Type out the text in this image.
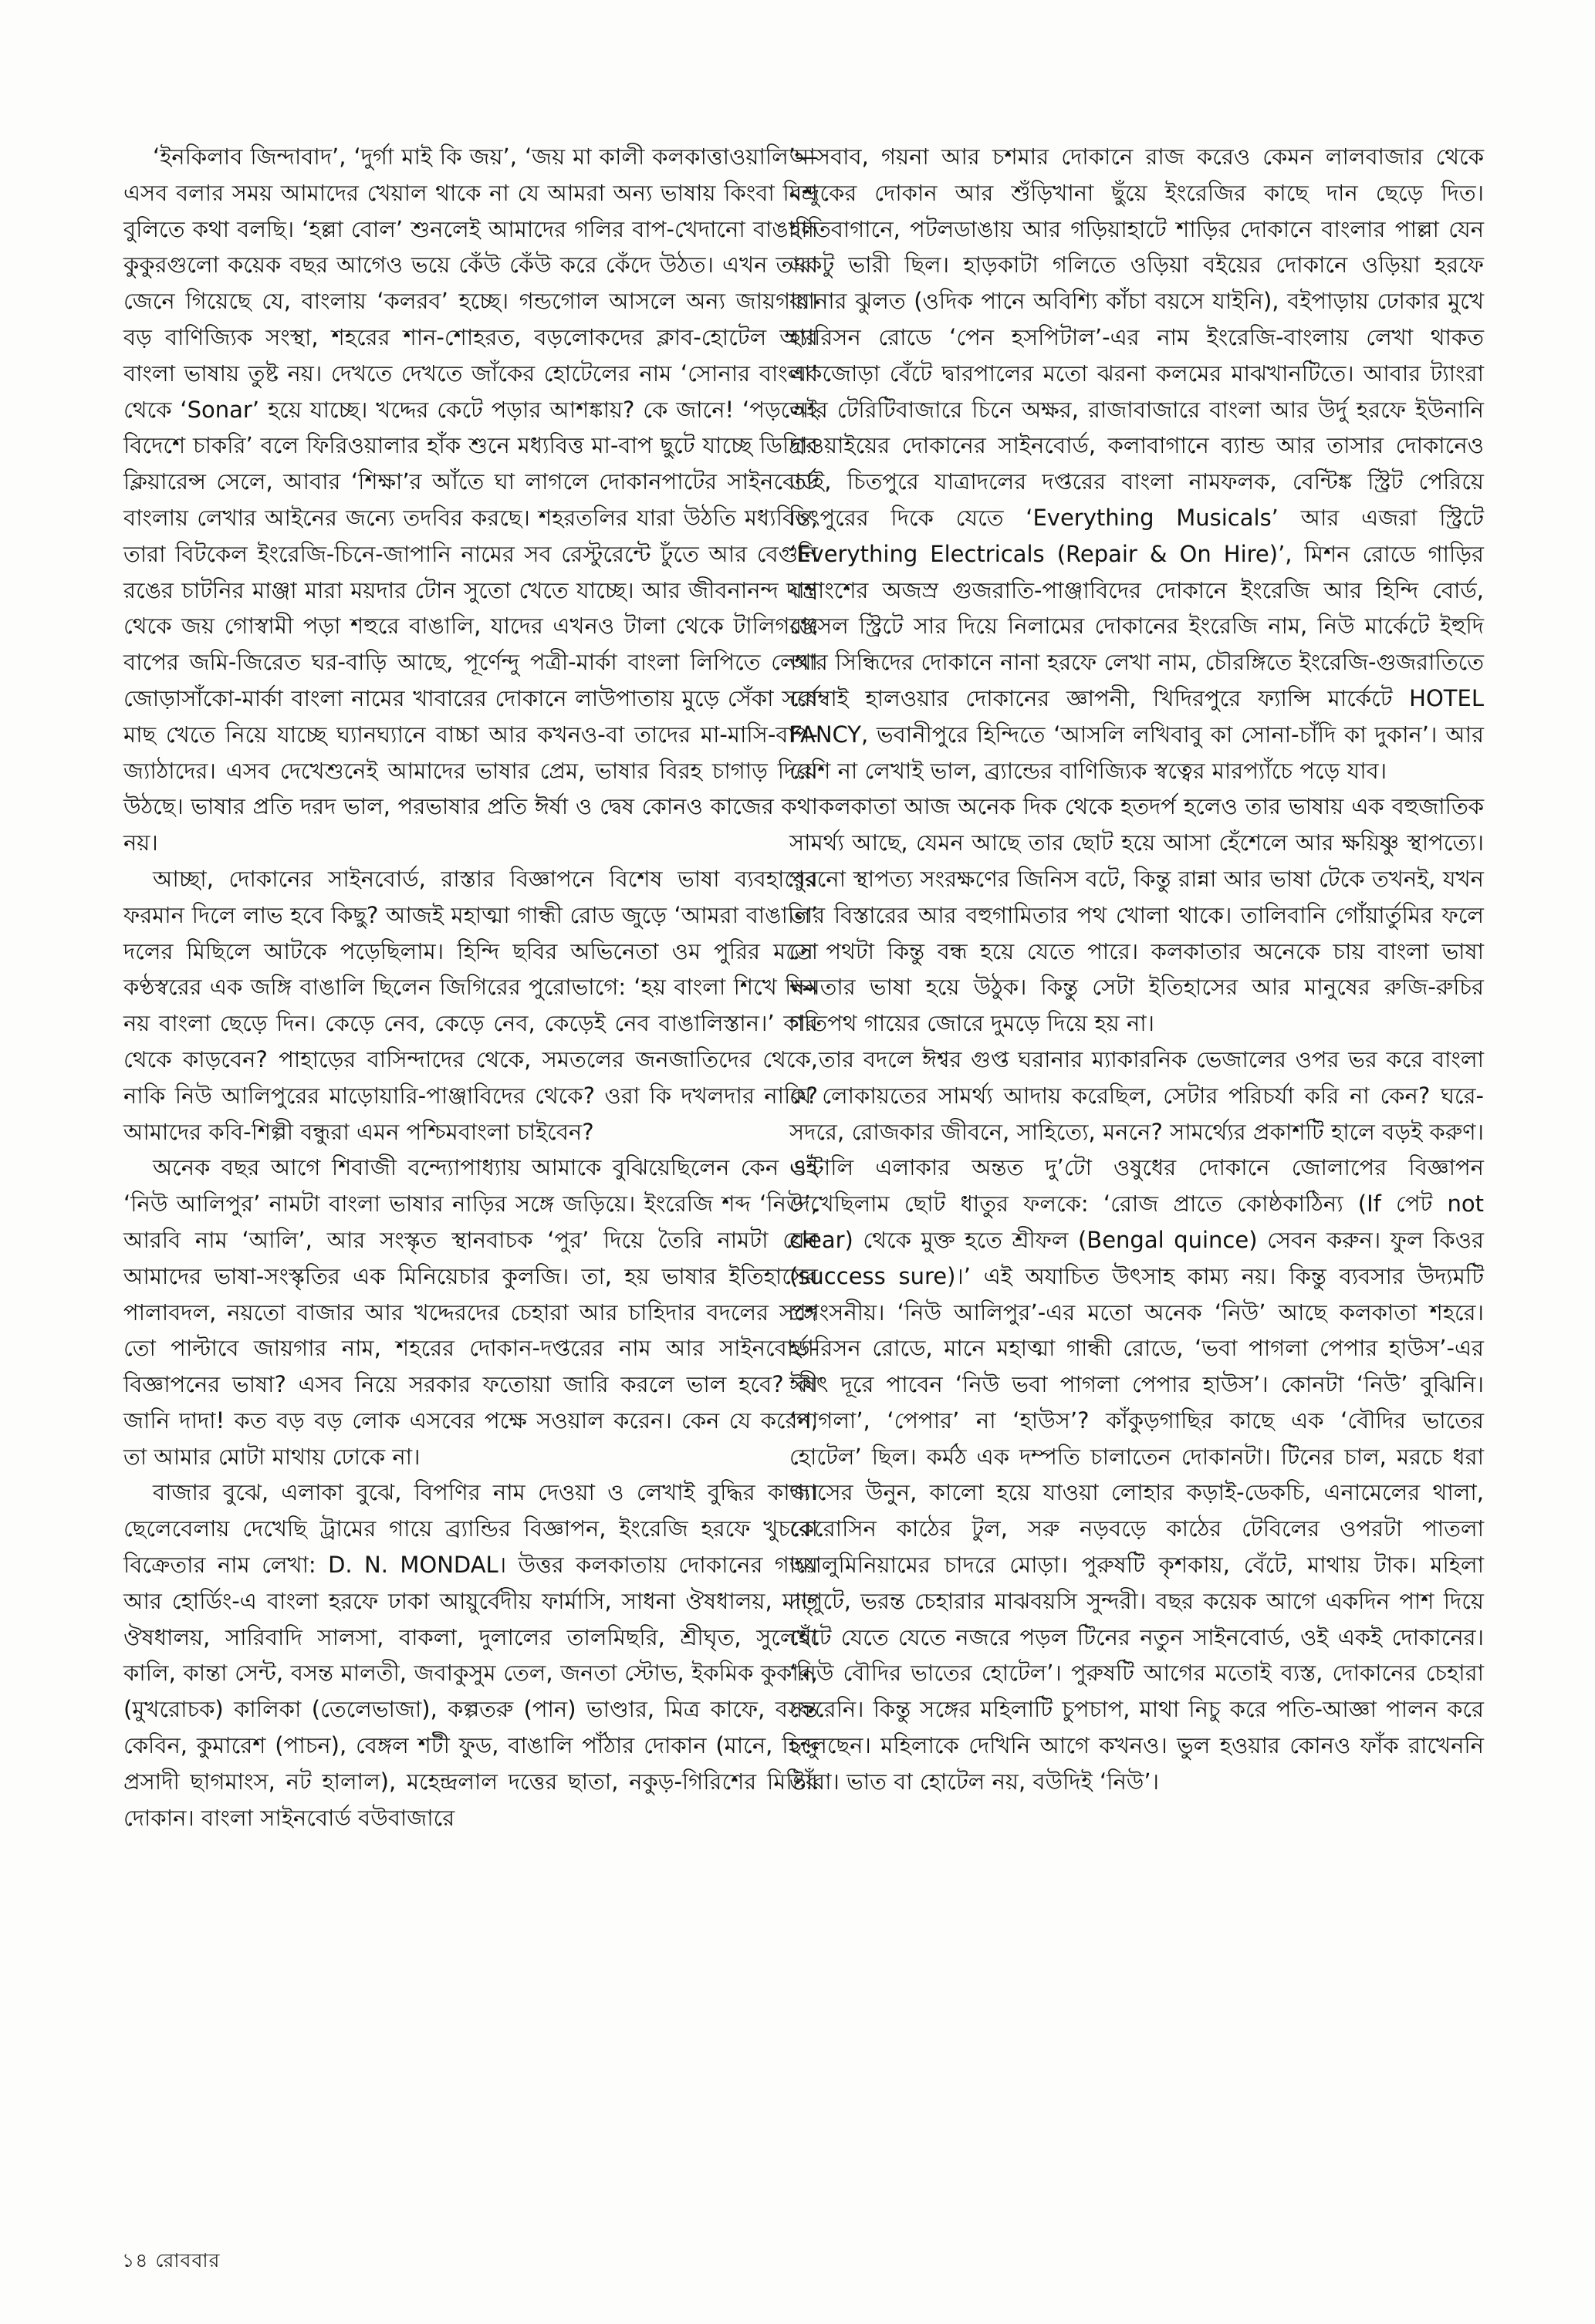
‘ইনকিলাব জিন্দাবাদ’, ‘দুর্গা মাই কি জয়’, ‘জয় মা কালী কলকাত্তাওয়ালি’— এসব বলার সময় আমাদের খেয়াল থাকে না যে আমরা অন্য ভাষায় কিংবা মিশ্র বুলিতে কথা বলছি। ‘হল্লা বোল’ শুনলেই আমাদের গলির বাপ-খেদানো বাঙালি কুকুরগুলো কয়েক বছর আগেও ভয়ে কেঁউ কেঁউ করে কেঁদে উঠত। এখন তারা জেনে গিয়েছে যে, বাংলায় ‘কলরব’ হচ্ছে। গন্ডগোল আসলে অন্য জায়গায়। বড় বাণিজ্যিক সংস্থা, শহরের শান-শোহরত, বড়লোকদের ক্লাব-হোটেল আর বাংলা ভাষায় তুষ্ট নয়। দেখতে দেখতে জাঁকের হোটেলের নাম ‘সোনার বাংলা’ থেকে ‘Sonar’ হয়ে যাচ্ছে। খদ্দের কেটে পড়ার আশঙ্কায়? কে জানে! ‘পড়লেই বিদেশে চাকরি’ বলে ফিরিওয়ালার হাঁক শুনে মধ্যবিত্ত মা-বাপ ছুটে যাচ্ছে ডিগ্রির ক্লিয়ারেন্স সেলে, আবার ‘শিক্ষা’র আঁতে ঘা লাগলে দোকানপাটের সাইনবোর্ড বাংলায় লেখার আইনের জন্যে তদবির করছে। শহরতলির যারা উঠতি মধ্যবিত্ত, তারা বিটকেল ইংরেজি-চিনে-জাপানি নামের সব রেস্টুরেন্টে ঢুঁতে আর বেগুনি রঙের চাটনির মাঞ্জা মারা ময়দার টোন সুতো খেতে যাচ্ছে। আর জীবনানন্দ দাশ থেকে জয় গোস্বামী পড়া শহুরে বাঙালি, যাদের এখনও টালা থেকে টালিগঞ্জে বাপের জমি-জিরেত ঘর-বাড়ি আছে, পূর্ণেন্দু পত্রী-মার্কা বাংলা লিপিতে লেখা জোড়াসাঁকো-মার্কা বাংলা নামের খাবারের দোকানে লাউপাতায় মুড়ে সেঁকা সর্ষে মাছ খেতে নিয়ে যাচ্ছে ঘ্যানঘ্যানে বাচ্চা আর কখনও-বা তাদের মা-মাসি-বাপ-জ্যাঠাদের। এসব দেখেশুনেই আমাদের ভাষার প্রেম, ভাষার বিরহ চাগাড় দিয়ে উঠছে। ভাষার প্রতি দরদ ভাল, পরভাষার প্রতি ঈর্ষা ও দ্বেষ কোনও কাজের কথা নয়।

আচ্ছা, দোকানের সাইনবোর্ড, রাস্তার বিজ্ঞাপনে বিশেষ ভাষা ব্যবহারের ফরমান দিলে লাভ হবে কিছু? আজই মহাত্মা গান্ধী রোড জুড়ে ‘আমরা বাঙালি’ দলের মিছিলে আটকে পড়েছিলাম। হিন্দি ছবির অভিনেতা ওম পুরির মতো কণ্ঠস্বরের এক জঙ্গি বাঙালি ছিলেন জিগিরের পুরোভাগে: ‘হয় বাংলা শিখে নিন নয় বাংলা ছেড়ে দিন। কেড়ে নেব, কেড়ে নেব, কেড়েই নেব বাঙালিস্তান।’ কার থেকে কাড়বেন? পাহাড়ের বাসিন্দাদের থেকে, সমতলের জনজাতিদের থেকে, নাকি নিউ আলিপুরের মাড়োয়ারি-পাঞ্জাবিদের থেকে? ওরা কি দখলদার নাকি? আমাদের কবি-শিল্পী বন্ধুরা এমন পশ্চিমবাংলা চাইবেন?

অনেক বছর আগে শিবাজী বন্দ্যোপাধ্যায় আমাকে বুঝিয়েছিলেন কেন ওই ‘নিউ আলিপুর’ নামটা বাংলা ভাষার নাড়ির সঙ্গে জড়িয়ে। ইংরেজি শব্দ ‘নিউ’, আরবি নাম ‘আলি’, আর সংস্কৃত স্থানবাচক ‘পুর’ দিয়ে তৈরি নামটা যেন আমাদের ভাষা-সংস্কৃতির এক মিনিয়েচার কুলজি। তা, হয় ভাষার ইতিহাসের পালাবদল, নয়তো বাজার আর খদ্দেরদের চেহারা আর চাহিদার বদলের সঙ্গে তো পাল্টাবে জায়গার নাম, শহরের দোকান-দপ্তরের নাম আর সাইনবোর্ড-বিজ্ঞাপনের ভাষা? এসব নিয়ে সরকার ফতোয়া জারি করলে ভাল হবে? কী জানি দাদা! কত বড় বড় লোক এসবের পক্ষে সওয়াল করেন। কেন যে করেন, তা আমার মোটা মাথায় ঢোকে না।

বাজার বুঝে, এলাকা বুঝে, বিপণির নাম দেওয়া ও লেখাই বুদ্ধির কাজ। ছেলেবেলায় দেখেছি ট্রামের গায়ে ব্র্যান্ডির বিজ্ঞাপন, ইংরেজি হরফে খুচরো বিক্রেতার নাম লেখা: D. N. MONDAL। উত্তর কলকাতায় দোকানের গায়ে আর হোর্ডিং-এ বাংলা হরফে ঢাকা আয়ুর্বেদীয় ফার্মাসি, সাধনা ঔষধালয়, মাতৃ ঔষধালয়, সারিবাদি সালসা, বাকলা, দুলালের তালমিছরি, শ্রীঘৃত, সুলেখা কালি, কান্তা সেন্ট, বসন্ত মালতী, জবাকুসুম তেল, জনতা স্টোভ, ইকমিক কুকার, (মুখরোচক) কালিকা (তেলেভাজা), কল্পতরু (পান) ভাণ্ডার, মিত্র কাফে, বসন্ত কেবিন, কুমারেশ (পাচন), বেঙ্গল শটী ফুড, বাঙালি পাঁঠার দোকান (মানে, হিন্দু প্রসাদী ছাগমাংস, নট হালাল), মহেন্দ্রলাল দত্তের ছাতা, নকুড়-গিরিশের মিষ্টির দোকান। বাংলা সাইনবোর্ড বউবাজারে

আসবাব, গয়না আর চশমার দোকানে রাজ করেও কেমন লালবাজার থেকে বন্দুকের দোকান আর শুঁড়িখানা ছুঁয়ে ইংরেজির কাছে দান ছেড়ে দিত। হাতিবাগানে, পটলডাঙায় আর গড়িয়াহাটে শাড়ির দোকানে বাংলার পাল্লা যেন একটু ভারী ছিল। হাড়কাটা গলিতে ওড়িয়া বইয়ের দোকানে ওড়িয়া হরফে ব্যানার ঝুলত (ওদিক পানে অবিশ্যি কাঁচা বয়সে যাইনি), বইপাড়ায় ঢোকার মুখে হ্যারিসন রোডে ‘পেন হসপিটাল’-এর নাম ইংরেজি-বাংলায় লেখা থাকত একজোড়া বেঁটে দ্বারপালের মতো ঝরনা কলমের মাঝখানটিতে। আবার ট্যাংরা আর টেরিটিবাজারে চিনে অক্ষর, রাজাবাজারে বাংলা আর উর্দু হরফে ইউনানি দাওয়াইয়ের দোকানের সাইনবোর্ড, কলাবাগানে ব্যান্ড আর তাসার দোকানেও তাই, চিতপুরে যাত্রাদলের দপ্তরের বাংলা নামফলক, বেন্টিঙ্ক স্ট্রিট পেরিয়ে চিৎপুরের দিকে যেতে ‘Everything Musicals’ আর এজরা স্ট্রিটে ‘Everything Electricals (Repair & On Hire)’, মিশন রোডে গাড়ির যন্ত্রাংশের অজস্র গুজরাতি-পাঞ্জাবিদের দোকানে ইংরেজি আর হিন্দি বোর্ড, রাসেল স্ট্রিটে সার দিয়ে নিলামের দোকানের ইংরেজি নাম, নিউ মার্কেটে ইহুদি আর সিন্ধিদের দোকানে নানা হরফে লেখা নাম, চৌরঙ্গিতে ইংরেজি-গুজরাতিতে বোম্বাই হালওয়ার দোকানের জ্ঞাপনী, খিদিরপুরে ফ্যান্সি মার্কেটে HOTEL FANCY, ভবানীপুরে হিন্দিতে ‘আসলি লখিবাবু কা সোনা-চাঁদি কা দুকান’। আর বেশি না লেখাই ভাল, ব্র্যান্ডের বাণিজ্যিক স্বত্বের মারপ্যাঁচে পড়ে যাব।

কলকাতা আজ অনেক দিক থেকে হতদর্প হলেও তার ভাষায় এক বহুজাতিক সামর্থ্য আছে, যেমন আছে তার ছোট হয়ে আসা হেঁশেলে আর ক্ষয়িষ্ণু স্থাপত্যে। পুরনো স্থাপত্য সংরক্ষণের জিনিস বটে, কিন্তু রান্না আর ভাষা টেকে তখনই, যখন তার বিস্তারের আর বহুগামিতার পথ খোলা থাকে। তালিবানি গোঁয়ার্তুমির ফলে সে পথটা কিন্তু বন্ধ হয়ে যেতে পারে। কলকাতার অনেকে চায় বাংলা ভাষা ক্ষমতার ভাষা হয়ে উঠুক। কিন্তু সেটা ইতিহাসের আর মানুষের রুজি-রুচির গতিপথ গায়ের জোরে দুমড়ে দিয়ে হয় না।

তার বদলে ঈশ্বর গুপ্ত ঘরানার ম্যাকারনিক ভেজালের ওপর ভর করে বাংলা যে লোকায়তের সামর্থ্য আদায় করেছিল, সেটার পরিচর্যা করি না কেন? ঘরে-সদরে, রোজকার জীবনে, সাহিত্যে, মননে? সামর্থ্যের প্রকাশটি হালে বড়ই করুণ। এন্টালি এলাকার অন্তত দু’টো ওষুধের দোকানে জোলাপের বিজ্ঞাপন দেখেছিলাম ছোট ধাতুর ফলকে: ‘রোজ প্রাতে কোষ্ঠকাঠিন্য (If পেট not clear) থেকে মুক্ত হতে শ্রীফল (Bengal quince) সেবন করুন। ফুল কিওর (success sure)।’ এই অযাচিত উৎসাহ কাম্য নয়। কিন্তু ব্যবসার উদ্যমটি প্রশংসনীয়। ‘নিউ আলিপুর’-এর মতো অনেক ‘নিউ’ আছে কলকাতা শহরে। হ্যারিসন রোডে, মানে মহাত্মা গান্ধী রোডে, ‘ভবা পাগলা পেপার হাউস’-এর ঈষৎ দূরে পাবেন ‘নিউ ভবা পাগলা পেপার হাউস’। কোনটা ‘নিউ’ বুঝিনি। ‘পাগলা’, ‘পেপার’ না ‘হাউস’? কাঁকুড়গাছির কাছে এক ‘বৌদির ভাতের হোটেল’ ছিল। কর্মঠ এক দম্পতি চালাতেন দোকানটা। টিনের চাল, মরচে ধরা গ্যাসের উনুন, কালো হয়ে যাওয়া লোহার কড়াই-ডেকচি, এনামেলের থালা, কেরোসিন কাঠের টুল, সরু নড়বড়ে কাঠের টেবিলের ওপরটা পাতলা অ্যালুমিনিয়ামের চাদরে মোড়া। পুরুষটি কৃশকায়, বেঁটে, মাথায় টাক। মহিলা দাপুটে, ভরন্ত চেহারার মাঝবয়সি সুন্দরী। বছর কয়েক আগে একদিন পাশ দিয়ে হেঁটে যেতে যেতে নজরে পড়ল টিনের নতুন সাইনবোর্ড, ওই একই দোকানের। ‘নিউ বৌদির ভাতের হোটেল’। পুরুষটি আগের মতোই ব্যস্ত, দোকানের চেহারা ফেরেনি। কিন্তু সঙ্গের মহিলাটি চুপচাপ, মাথা নিচু করে পতি-আজ্ঞা পালন করে চলেছেন। মহিলাকে দেখিনি আগে কখনও। ভুল হওয়ার কোনও ফাঁক রাখেননি তাঁরা। ভাত বা হোটেল নয়, বউদিই ‘নিউ’।

১৪ রোববার
